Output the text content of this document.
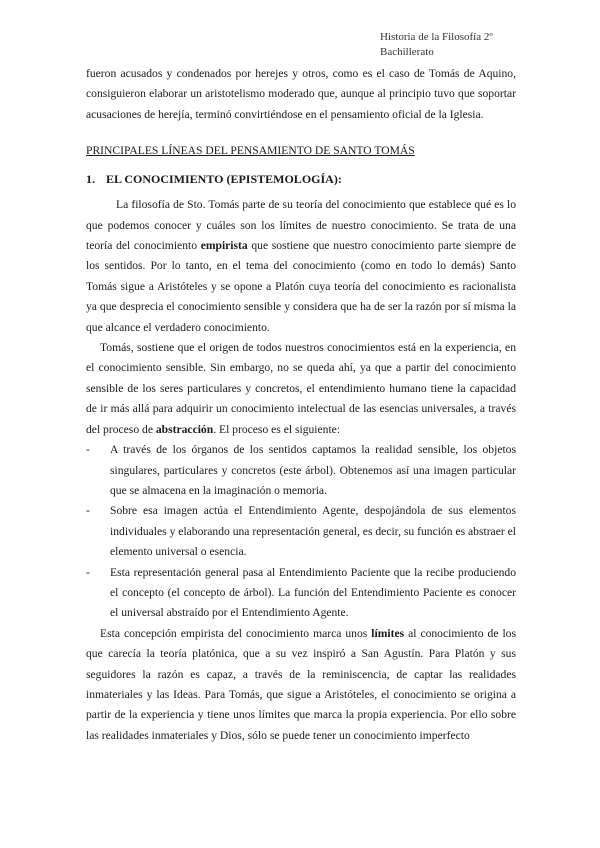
Historia de la Filosofía 2º
Bachillerato

fueron acusados y condenados por herejes y otros, como es el caso de Tomás de Aquino, consiguieron elaborar un aristotelismo moderado que, aunque al principio tuvo que soportar acusaciones de herejía, terminó convirtiéndose en el pensamiento oficial de la Iglesia.

PRINCIPALES LÍNEAS DEL PENSAMIENTO DE SANTO TOMÁS

1. EL CONOCIMIENTO (EPISTEMOLOGÍA):

La filosofía de Sto. Tomás parte de su teoría del conocimiento que establece qué es lo que podemos conocer y cuáles son los límites de nuestro conocimiento. Se trata de una teoría del conocimiento empirista que sostiene que nuestro conocimiento parte siempre de los sentidos. Por lo tanto, en el tema del conocimiento (como en todo lo demás) Santo Tomás sigue a Aristóteles y se opone a Platón cuya teoría del conocimiento es racionalista ya que desprecia el conocimiento sensible y considera que ha de ser la razón por sí misma la que alcance el verdadero conocimiento.

Tomás, sostiene que el origen de todos nuestros conocimientos está en la experiencia, en el conocimiento sensible. Sin embargo, no se queda ahí, ya que a partir del conocimiento sensible de los seres particulares y concretos, el entendimiento humano tiene la capacidad de ir más allá para adquirir un conocimiento intelectual de las esencias universales, a través del proceso de abstracción. El proceso es el siguiente:

- A través de los órganos de los sentidos captamos la realidad sensible, los objetos singulares, particulares y concretos (este árbol). Obtenemos así una imagen particular que se almacena en la imaginación o memoria.
- Sobre esa imagen actúa el Entendimiento Agente, despojándola de sus elementos individuales y elaborando una representación general, es decir, su función es abstraer el elemento universal o esencia.
- Esta representación general pasa al Entendimiento Paciente que la recibe produciendo el concepto (el concepto de árbol). La función del Entendimiento Paciente es conocer el universal abstraído por el Entendimiento Agente.

Esta concepción empirista del conocimiento marca unos límites al conocimiento de los que carecía la teoría platónica, que a su vez inspiró a San Agustín. Para Platón y sus seguidores la razón es capaz, a través de la reminiscencia, de captar las realidades inmateriales y las Ideas. Para Tomás, que sigue a Aristóteles, el conocimiento se origina a partir de la experiencia y tiene unos límites que marca la propia experiencia. Por ello sobre las realidades inmateriales y Dios, sólo se puede tener un conocimiento imperfecto
